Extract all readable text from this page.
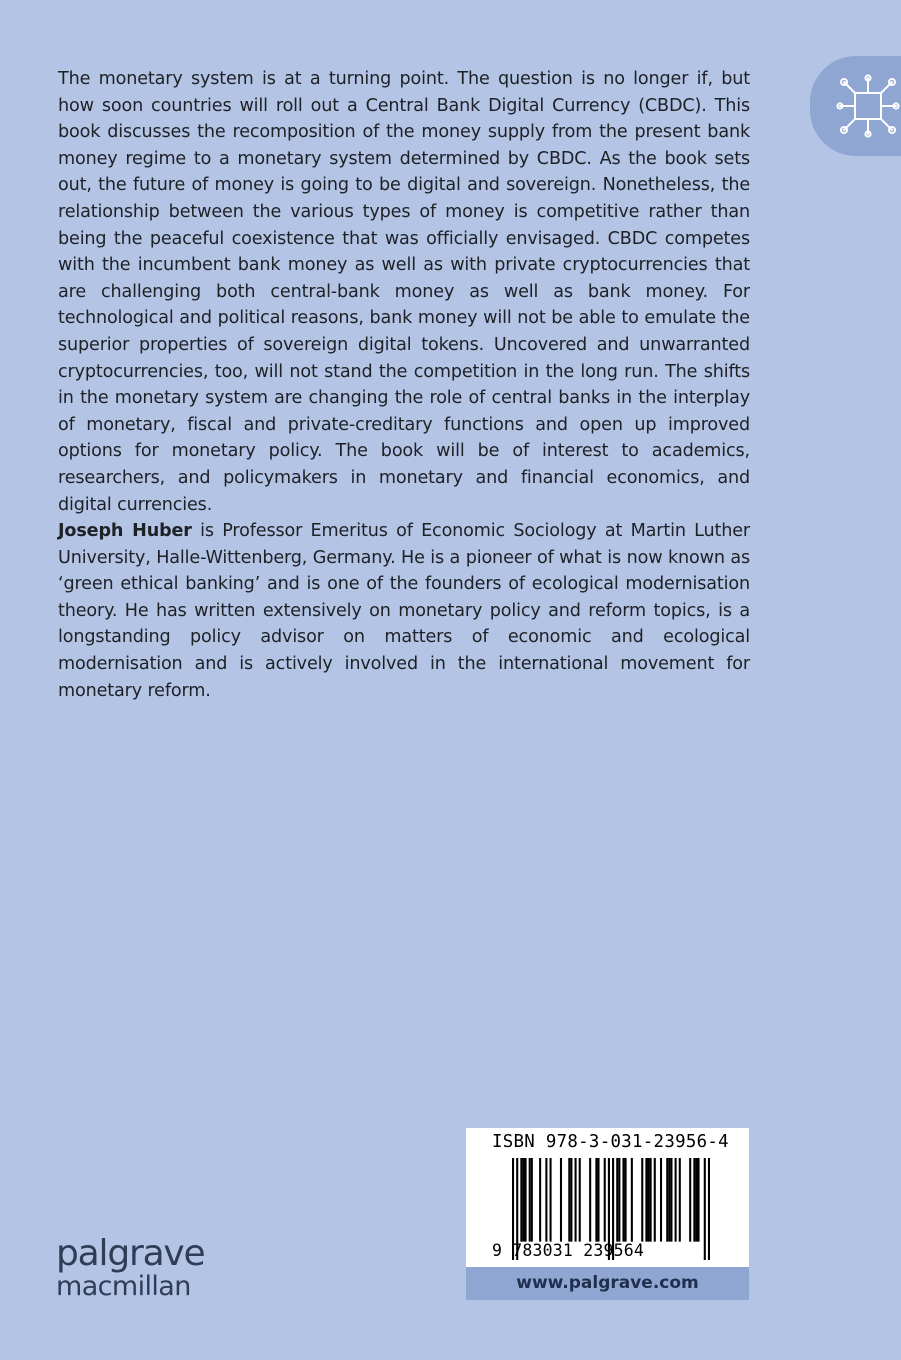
The monetary system is at a turning point. The question is no longer if, but how soon countries will roll out a Central Bank Digital Currency (CBDC). This book discusses the recomposition of the money supply from the present bank money regime to a monetary system determined by CBDC. As the book sets out, the future of money is going to be digital and sovereign. Nonetheless, the relationship between the various types of money is competitive rather than being the peaceful coexistence that was officially envisaged. CBDC competes with the incumbent bank money as well as with private cryptocurrencies that are challenging both central-bank money as well as bank money. For technological and political reasons, bank money will not be able to emulate the superior properties of sovereign digital tokens. Uncovered and unwarranted cryptocurrencies, too, will not stand the competition in the long run. The shifts in the monetary system are changing the role of central banks in the interplay of monetary, fiscal and private-creditary functions and open up improved options for monetary policy. The book will be of interest to academics, researchers, and policymakers in monetary and financial economics, and digital currencies.

Joseph Huber is Professor Emeritus of Economic Sociology at Martin Luther University, Halle-Wittenberg, Germany. He is a pioneer of what is now known as ‘green ethical banking’ and is one of the founders of ecological modernisation theory. He has written extensively on monetary policy and reform topics, is a longstanding policy advisor on matters of economic and ecological modernisation and is actively involved in the international movement for monetary reform.

palgrave
macmillan
ISBN 978-3-031-23956-4
9 783031 239564
www.palgrave.com
